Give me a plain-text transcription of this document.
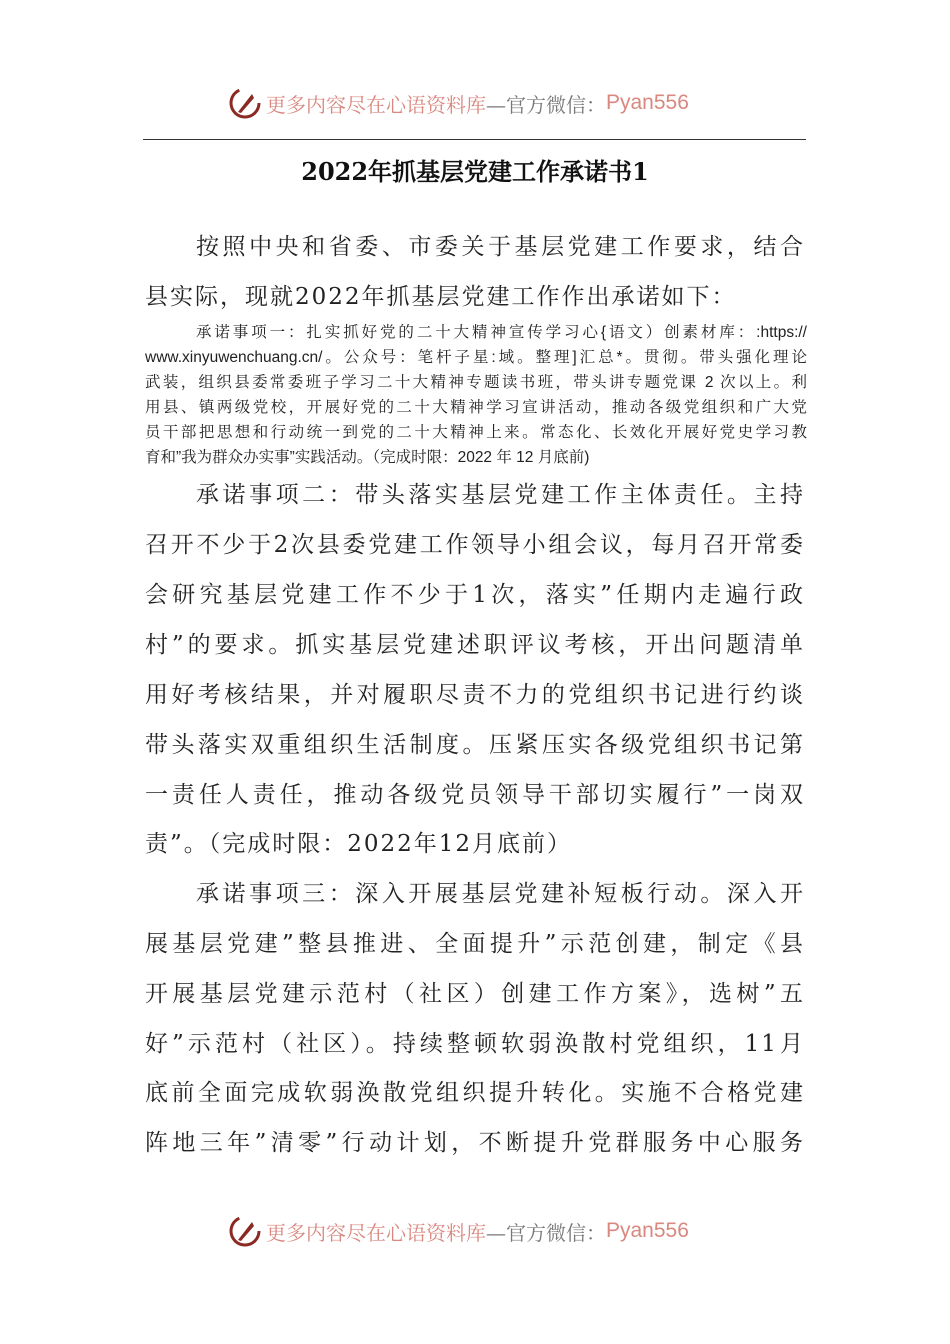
更多内容尽在心语资料库 —官方微信： Pyan556
2022年抓基层党建工作承诺书1
按照中央和省委、市委关于基层党建工作要求，结合
县实际，现就2022年抓基层党建工作作出承诺如下：
承诺事项一：扎实抓好党的二十大精神宣传学习心{语文）创素材库：:https://
www.xinyuwenchuang.cn/。公众号：笔杆子星:域。整理]汇总*。贯彻。带头强化理论
武装，组织县委常委班子学习二十大精神专题读书班，带头讲专题党课 2 次以上。利
用县、镇两级党校，开展好党的二十大精神学习宣讲活动，推动各级党组织和广大党
员干部把思想和行动统一到党的二十大精神上来。常态化、长效化开展好党史学习教
育和”我为群众办实事”实践活动。（完成时限：2022 年 12 月底前)
承诺事项二：带头落实基层党建工作主体责任。主持
召开不少于2次县委党建工作领导小组会议，每月召开常委
会研究基层党建工作不少于1次，落实”任期内走遍行政
村”的要求。抓实基层党建述职评议考核，开出问题清单
用好考核结果，并对履职尽责不力的党组织书记进行约谈
带头落实双重组织生活制度。压紧压实各级党组织书记第
一责任人责任，推动各级党员领导干部切实履行”一岗双
责”。（完成时限：2022年12月底前）
承诺事项三：深入开展基层党建补短板行动。深入开
展基层党建”整县推进、全面提升”示范创建，制定《县
开展基层党建示范村（社区）创建工作方案》，选树”五
好”示范村（社区）。持续整顿软弱涣散村党组织，11月
底前全面完成软弱涣散党组织提升转化。实施不合格党建
阵地三年”清零”行动计划，不断提升党群服务中心服务
更多内容尽在心语资料库 —官方微信： Pyan556
